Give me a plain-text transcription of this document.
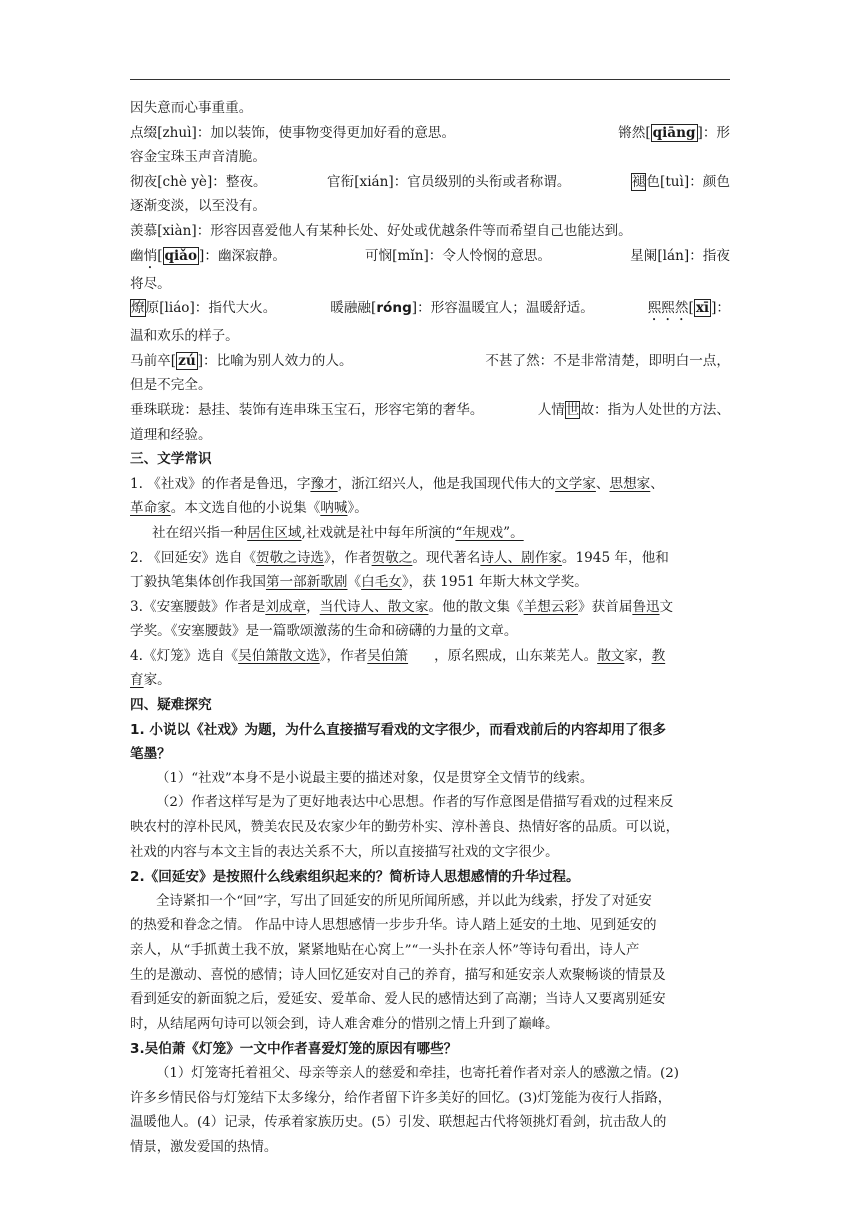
因失意而心事重重。
点缀[zhuì]：加以装饰，使事物变得更加好看的意思。	锵然[ qiāng ]：形
容金宝珠玉声音清脆。
彻夜[chè yè]：整夜。	官衔[xián]：官员级别的头衔或者称谓。	褪色[tuì]：颜色
逐渐变淡，以至没有。
羡慕[xiàn]：形容因喜爱他人有某种长处、好处或优越条件等而希望自己也能达到。
幽悄[ qiǎo ]：幽深寂静。	可悯[mǐn]：令人怜悯的意思。	星阑[lán]：指夜
将尽。
燎原[liáo]：指代大火。	暖融融[róng]：形容温暖宜人；温暖舒适。	熙熙然[ xī ]：
温和欢乐的样子。
马前卒[ zú ]：比喻为别人效力的人。	不甚了然：不是非常清楚，即明白一点，
但是不完全。
垂珠联珑：悬挂、装饰有连串珠玉宝石，形容宅第的奢华。	人情世故：指为人处世的方法、
道理和经验。
三、文学常识
1. 《社戏》的作者是鲁迅，字豫才，浙江绍兴人，他是我国现代伟大的文学家、思想家、
革命家。本文选自他的小说集《呐喊》。
社在绍兴指一种居住区域,社戏就是社中每年所演的“年规戏”。
2. 《回延安》选自《贺敬之诗选》，作者贺敬之。现代著名诗人、剧作家。1945 年，他和
丁毅执笔集体创作我国第一部新歌剧《白毛女》，获 1951 年斯大林文学奖。
3.《安塞腰鼓》作者是刘成章，当代诗人、散文家。他的散文集《羊想云彩》获首届鲁迅文
学奖。《安塞腰鼓》是一篇歌颂激荡的生命和磅礴的力量的文章。
4.《灯笼》选自《吴伯箫散文选》，作者吴伯箫 ，原名熙成，山东莱芜人。散文家，教
育家。
四、疑难探究
1. 小说以《社戏》为题，为什么直接描写看戏的文字很少，而看戏前后的内容却用了很多
笔墨？
（1）“社戏”本身不是小说最主要的描述对象，仅是贯穿全文情节的线索。
（2）作者这样写是为了更好地表达中心思想。作者的写作意图是借描写看戏的过程来反
映农村的淳朴民风，赞美农民及农家少年的勤劳朴实、淳朴善良、热情好客的品质。可以说，
社戏的内容与本文主旨的表达关系不大，所以直接描写社戏的文字很少。
2.《回延安》是按照什么线索组织起来的？简析诗人思想感情的升华过程。
全诗紧扣一个“回”字，写出了回延安的所见所闻所感，并以此为线索，抒发了对延安
的热爱和眷念之情。 作品中诗人思想感情一步步升华。诗人踏上延安的土地、见到延安的
亲人，从“手抓黄土我不放，紧紧地贴在心窝上”“一头扑在亲人怀”等诗句看出，诗人产
生的是激动、喜悦的感情；诗人回忆延安对自己的养育，描写和延安亲人欢聚畅谈的情景及
看到延安的新面貌之后，爱延安、爱革命、爱人民的感情达到了高潮；当诗人又要离别延安
时，从结尾两句诗可以领会到，诗人难舍难分的惜别之情上升到了巅峰。
3.吴伯萧《灯笼》一文中作者喜爱灯笼的原因有哪些？
（1）灯笼寄托着祖父、母亲等亲人的慈爱和牵挂，也寄托着作者对亲人的感激之情。(2)
许多乡情民俗与灯笼结下太多缘分，给作者留下许多美好的回忆。(3)灯笼能为夜行人指路，
温暖他人。(4）记录，传承着家族历史。(5）引发、联想起古代将领挑灯看剑，抗击敌人的
情景，激发爱国的热情。
